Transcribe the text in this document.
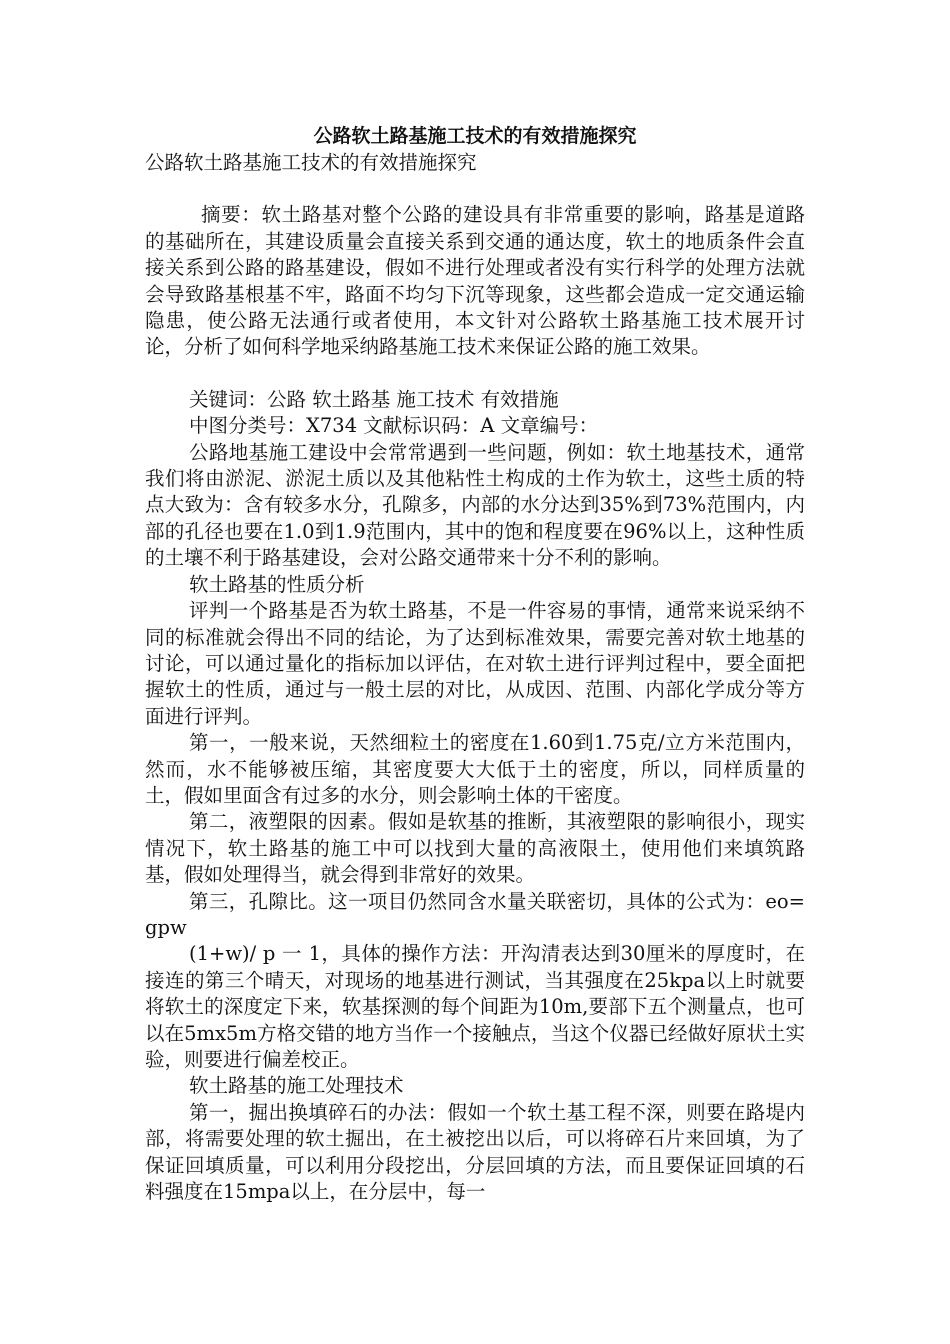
公路软土路基施工技术的有效措施探究

公路软土路基施工技术的有效措施探究

摘要：软土路基对整个公路的建设具有非常重要的影响，路基是道路的基础所在，其建设质量会直接关系到交通的通达度，软土的地质条件会直接关系到公路的路基建设，假如不进行处理或者没有实行科学的处理方法就会导致路基根基不牢，路面不均匀下沉等现象，这些都会造成一定交通运输隐患，使公路无法通行或者使用，本文针对公路软土路基施工技术展开讨论，分析了如何科学地采纳路基施工技术来保证公路的施工效果。

关键词：公路 软土路基 施工技术 有效措施

中图分类号：X734 文献标识码：A 文章编号：

公路地基施工建设中会常常遇到一些问题，例如：软土地基技术，通常我们将由淤泥、淤泥土质以及其他粘性土构成的土作为软土，这些土质的特点大致为：含有较多水分，孔隙多，内部的水分达到35%到73%范围内，内部的孔径也要在1.0到1.9范围内，其中的饱和程度要在96%以上，这种性质的土壤不利于路基建设，会对公路交通带来十分不利的影响。

软土路基的性质分析

评判一个路基是否为软土路基，不是一件容易的事情，通常来说采纳不同的标准就会得出不同的结论，为了达到标准效果，需要完善对软土地基的讨论，可以通过量化的指标加以评估，在对软土进行评判过程中，要全面把握软土的性质，通过与一般土层的对比，从成因、范围、内部化学成分等方面进行评判。

第一，一般来说，天然细粒土的密度在1.60到1.75克/立方米范围内，然而，水不能够被压缩，其密度要大大低于土的密度，所以，同样质量的土，假如里面含有过多的水分，则会影响土体的干密度。

第二，液塑限的因素。假如是软基的推断，其液塑限的影响很小，现实情况下，软土路基的施工中可以找到大量的高液限土，使用他们来填筑路基，假如处理得当，就会得到非常好的效果。

第三，孔隙比。这一项目仍然同含水量关联密切，具体的公式为：eo=gpw

(1+w)/ p 一 1，具体的操作方法：开沟清表达到30厘米的厚度时，在接连的第三个晴天，对现场的地基进行测试，当其强度在25kpa以上时就要将软土的深度定下来，软基探测的每个间距为10m,要部下五个测量点，也可以在5mx5m方格交错的地方当作一个接触点，当这个仪器已经做好原状土实验，则要进行偏差校正。

软土路基的施工处理技术

第一，掘出换填碎石的办法：假如一个软土基工程不深，则要在路堤内部，将需要处理的软土掘出，在土被挖出以后，可以将碎石片来回填，为了保证回填质量，可以利用分段挖出，分层回填的方法，而且要保证回填的石料强度在15mpa以上，在分层中，每一
